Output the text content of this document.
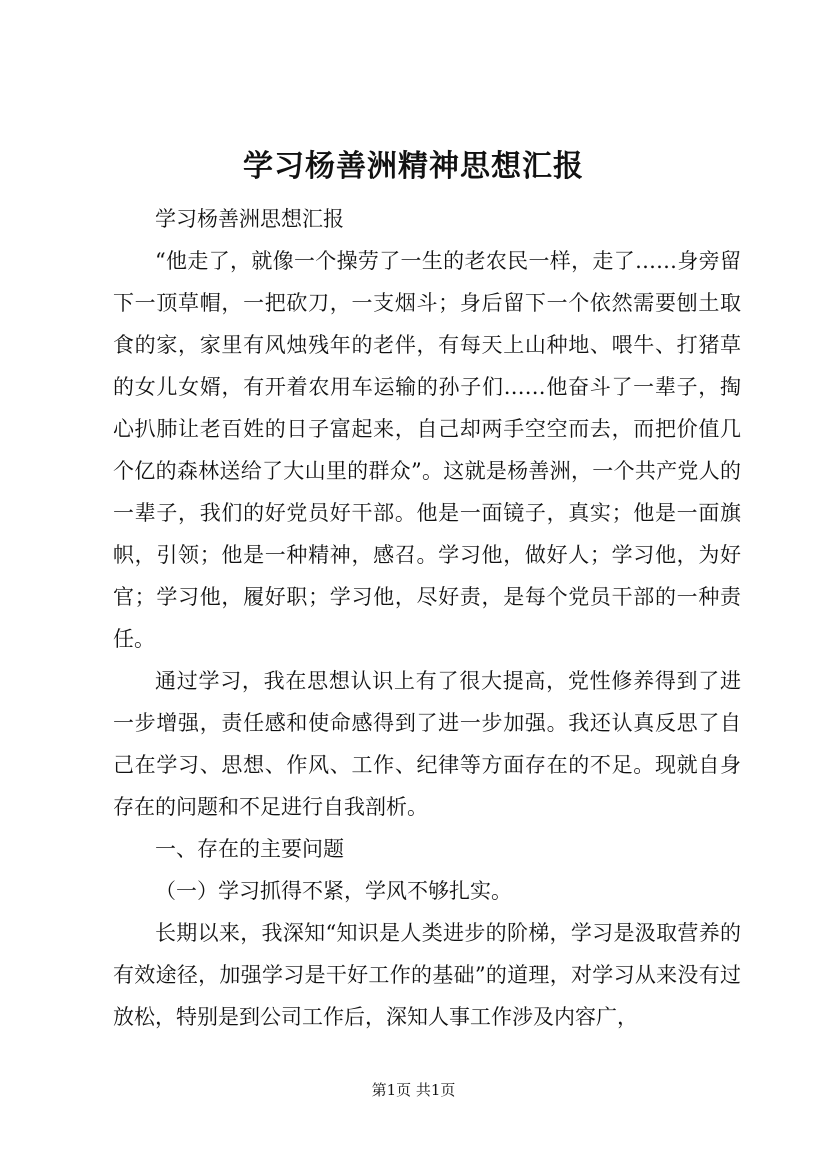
学习杨善洲精神思想汇报

学习杨善洲思想汇报

“他走了，就像一个操劳了一生的老农民一样，走了……身旁留下一顶草帽，一把砍刀，一支烟斗；身后留下一个依然需要刨土取食的家，家里有风烛残年的老伴，有每天上山种地、喂牛、打猪草的女儿女婿，有开着农用车运输的孙子们……他奋斗了一辈子，掏心扒肺让老百姓的日子富起来，自己却两手空空而去，而把价值几个亿的森林送给了大山里的群众”。这就是杨善洲，一个共产党人的一辈子，我们的好党员好干部。他是一面镜子，真实；他是一面旗帜，引领；他是一种精神，感召。学习他，做好人；学习他，为好官；学习他，履好职；学习他，尽好责，是每个党员干部的一种责任。

通过学习，我在思想认识上有了很大提高，党性修养得到了进一步增强，责任感和使命感得到了进一步加强。我还认真反思了自己在学习、思想、作风、工作、纪律等方面存在的不足。现就自身存在的问题和不足进行自我剖析。

一、存在的主要问题

（一）学习抓得不紧，学风不够扎实。

长期以来，我深知“知识是人类进步的阶梯，学习是汲取营养的有效途径，加强学习是干好工作的基础”的道理，对学习从来没有过放松，特别是到公司工作后，深知人事工作涉及内容广，

第1页 共1页
